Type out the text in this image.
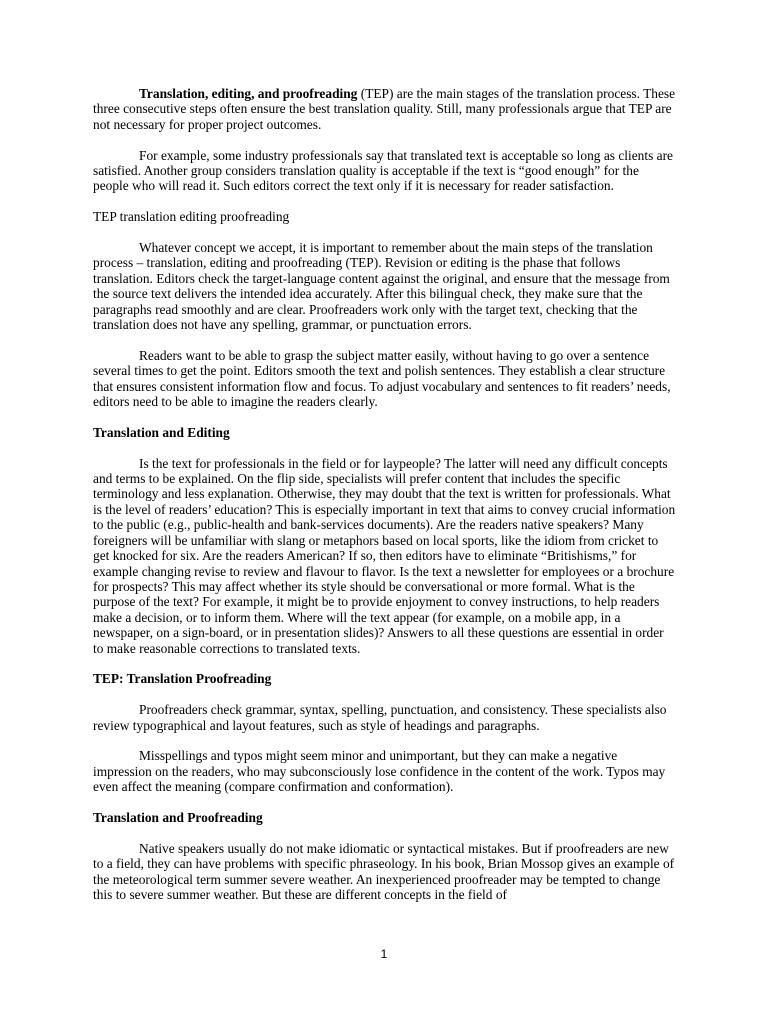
Translation, editing, and proofreading (TEP) are the main stages of the translation process. These three consecutive steps often ensure the best translation quality. Still, many professionals argue that TEP are not necessary for proper project outcomes.

For example, some industry professionals say that translated text is acceptable so long as clients are satisfied. Another group considers translation quality is acceptable if the text is “good enough” for the people who will read it. Such editors correct the text only if it is necessary for reader satisfaction.

TEP translation editing proofreading

Whatever concept we accept, it is important to remember about the main steps of the translation process – translation, editing and proofreading (TEP). Revision or editing is the phase that follows translation. Editors check the target-language content against the original, and ensure that the message from the source text delivers the intended idea accurately. After this bilingual check, they make sure that the paragraphs read smoothly and are clear. Proofreaders work only with the target text, checking that the translation does not have any spelling, grammar, or punctuation errors.

Readers want to be able to grasp the subject matter easily, without having to go over a sentence several times to get the point. Editors smooth the text and polish sentences. They establish a clear structure that ensures consistent information flow and focus. To adjust vocabulary and sentences to fit readers’ needs, editors need to be able to imagine the readers clearly.

Translation and Editing

Is the text for professionals in the field or for laypeople? The latter will need any difficult concepts and terms to be explained. On the flip side, specialists will prefer content that includes the specific terminology and less explanation. Otherwise, they may doubt that the text is written for professionals. What is the level of readers’ education? This is especially important in text that aims to convey crucial information to the public (e.g., public-health and bank-services documents). Are the readers native speakers? Many foreigners will be unfamiliar with slang or metaphors based on local sports, like the idiom from cricket to get knocked for six. Are the readers American? If so, then editors have to eliminate “Britishisms,” for example changing revise to review and flavour to flavor. Is the text a newsletter for employees or a brochure for prospects? This may affect whether its style should be conversational or more formal. What is the purpose of the text? For example, it might be to provide enjoyment to convey instructions, to help readers make a decision, or to inform them. Where will the text appear (for example, on a mobile app, in a newspaper, on a sign-board, or in presentation slides)? Answers to all these questions are essential in order to make reasonable corrections to translated texts.

TEP: Translation Proofreading

Proofreaders check grammar, syntax, spelling, punctuation, and consistency. These specialists also review typographical and layout features, such as style of headings and paragraphs.

Misspellings and typos might seem minor and unimportant, but they can make a negative impression on the readers, who may subconsciously lose confidence in the content of the work. Typos may even affect the meaning (compare confirmation and conformation).

Translation and Proofreading

Native speakers usually do not make idiomatic or syntactical mistakes. But if proofreaders are new to a field, they can have problems with specific phraseology. In his book, Brian Mossop gives an example of the meteorological term summer severe weather. An inexperienced proofreader may be tempted to change this to severe summer weather. But these are different concepts in the field of

1
